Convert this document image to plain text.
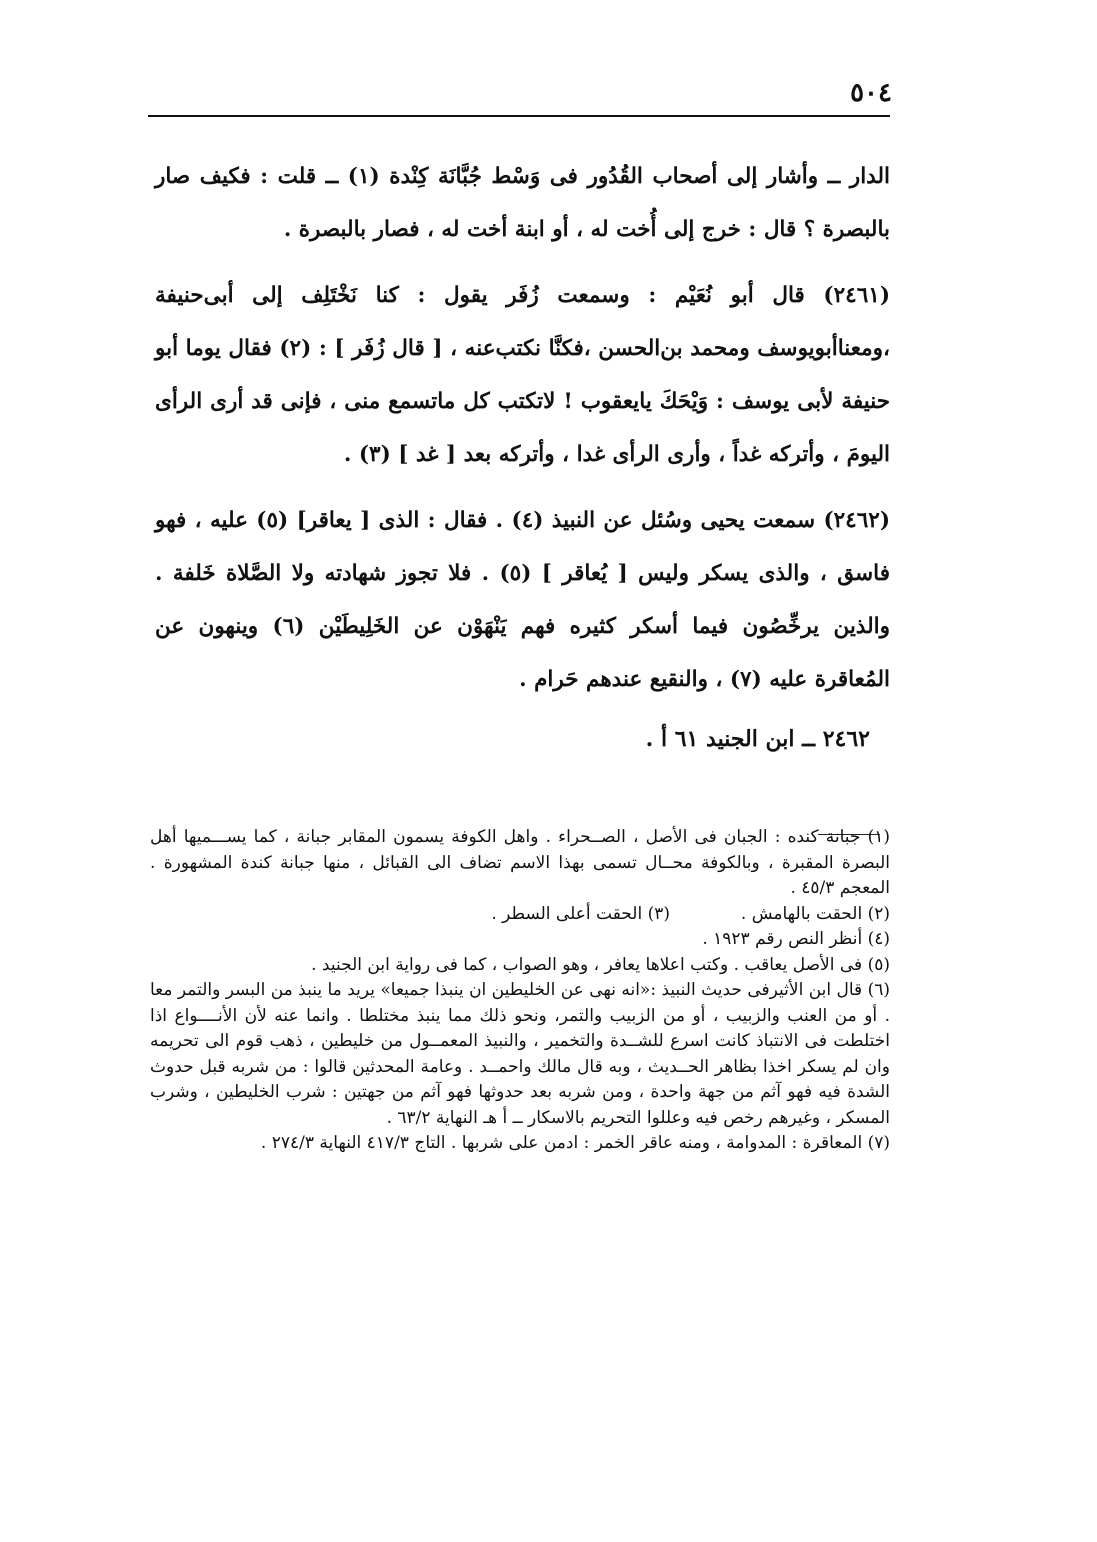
٥٠٤

الدار ــ وأشار إلى أصحاب القُدُور فى وَسْط جُبَّانَة كِنْدة (١) ــ قلت : فكيف صار بالبصرة ؟ قال : خرج إلى أُخت له ، أو ابنة أخت له ، فصار بالبصرة .

(٢٤٦١) قال أبو نُعَيْم : وسمعت زُفَر يقول : كنا نَخْتَلِف إلى أبى‌حنيفة ،ومعناأبويوسف ومحمد بن‌الحسن ،فكنَّا نكتب‌عنه ، [ قال زُفَر ] : (٢) فقال يوما أبو حنيفة لأبى يوسف : وَيْحَكَ يايعقوب ! لاتكتب كل ماتسمع منى ، فإنى قد أرى الرأى اليومَ ، وأتركه غداً ، وأرى الرأى غدا ، وأتركه بعد [ غد ] (٣) .

(٢٤٦٢) سمعت يحيى وسُئل عن النبيذ (٤) . فقال : الذى [ يعاقر] (٥) عليه ، فهو فاسق ، والذى يسكر وليس [ يُعاقر ] (٥) . فلا تجوز شهادته ولا الصَّلاة خَلفة . والذين يرخِّصُون فيما أسكر كثيره فهم يَنْهَوْن عن الخَلِيطَيْن (٦) وينهون عن المُعاقرة عليه (٧) ، والنقيع عندهم حَرام .

٢٤٦٢ ــ ابن الجنيد ٦١ أ .

(١) جبانة كنده : الجبان فى الأصل ، الصــحراء . واهل الكوفة يسمون المقابر جبانة ، كما يســـميها أهل البصرة المقبرة ، وبالكوفة محــال تسمى بهذا الاسم تضاف الى القبائل ، منها جبانة كندة المشهورة . المعجم ٤٥/٣ .

(٢) الحقت بالهامش .

(٣) الحقت أعلى السطر .

(٤) أنظر النص رقم ١٩٢٣ .

(٥) فى الأصل يعاقب . وكتب اعلاها يعافر ، وهو الصواب ، كما فى رواية ابن الجنيد .

(٦) قال ابن الأثيرفى حديث النبيذ :«انه نهى عن الخليطين ان ينبذا جميعا» يريد ما ينبذ من البسر والتمر معا . أو من العنب والزبيب ، أو من الزبيب والتمر، ونحو ذلك مما ينبذ مختلطا . وانما عنه لأن الأنــــواع اذا اختلطت فى الانتباذ كانت اسرع للشــدة والتخمير ، والنبيذ المعمــول من خليطين ، ذهب قوم الى تحريمه وان لم يسكر اخذا بظاهر الحــديث ، وبه قال مالك واحمــد . وعامة المحدثين قالوا : من شربه قبل حدوث الشدة فيه فهو آثم من جهة واحدة ، ومن شربه بعد حدوثها فهو آثم من جهتين : شرب الخليطين ، وشرب المسكر ، وغيرهم رخص فيه وعللوا التحريم بالاسكار ــ أ هـ النهاية ٦٣/٢ .

(٧) المعاقرة : المدوامة ، ومنه عاقر الخمر : ادمن على شربها . التاج ٤١٧/٣ النهاية ٢٧٤/٣ .
